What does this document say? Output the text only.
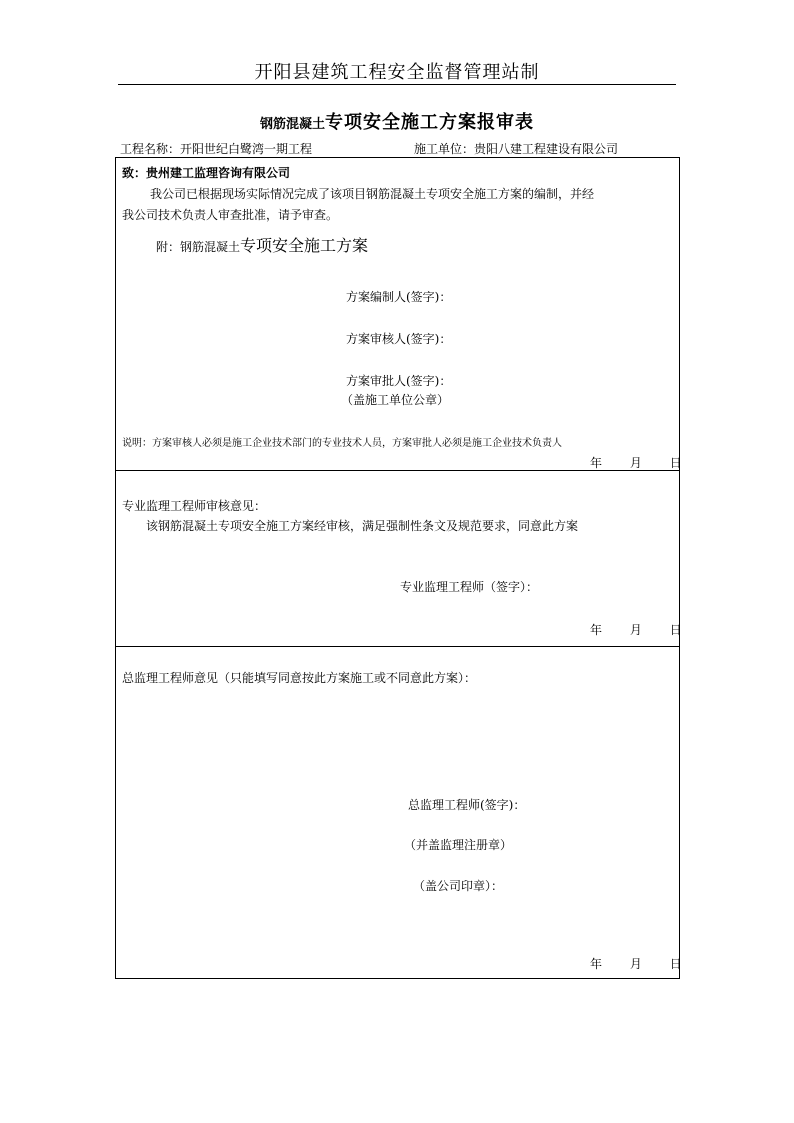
开阳县建筑工程安全监督管理站制
钢筋混凝土专项安全施工方案报审表
工程名称：开阳世纪白鹭湾一期工程	施工单位：贵阳八建工程建设有限公司
致：贵州建工监理咨询有限公司
我公司已根据现场实际情况完成了该项目钢筋混凝土专项安全施工方案的编制，并经
我公司技术负责人审查批准，请予审查。
附：钢筋混凝土专项安全施工方案
方案编制人(签字)：
方案审核人(签字)：
方案审批人(签字)：
（盖施工单位公章）
说明：方案审核人必须是施工企业技术部门的专业技术人员，方案审批人必须是施工企业技术负责人
年 月 日
专业监理工程师审核意见：
该钢筋混凝土专项安全施工方案经审核，满足强制性条文及规范要求，同意此方案
专业监理工程师（签字）：
年 月 日
总监理工程师意见（只能填写同意按此方案施工或不同意此方案）：
总监理工程师(签字)：
（并盖监理注册章）
（盖公司印章）：
年 月 日
